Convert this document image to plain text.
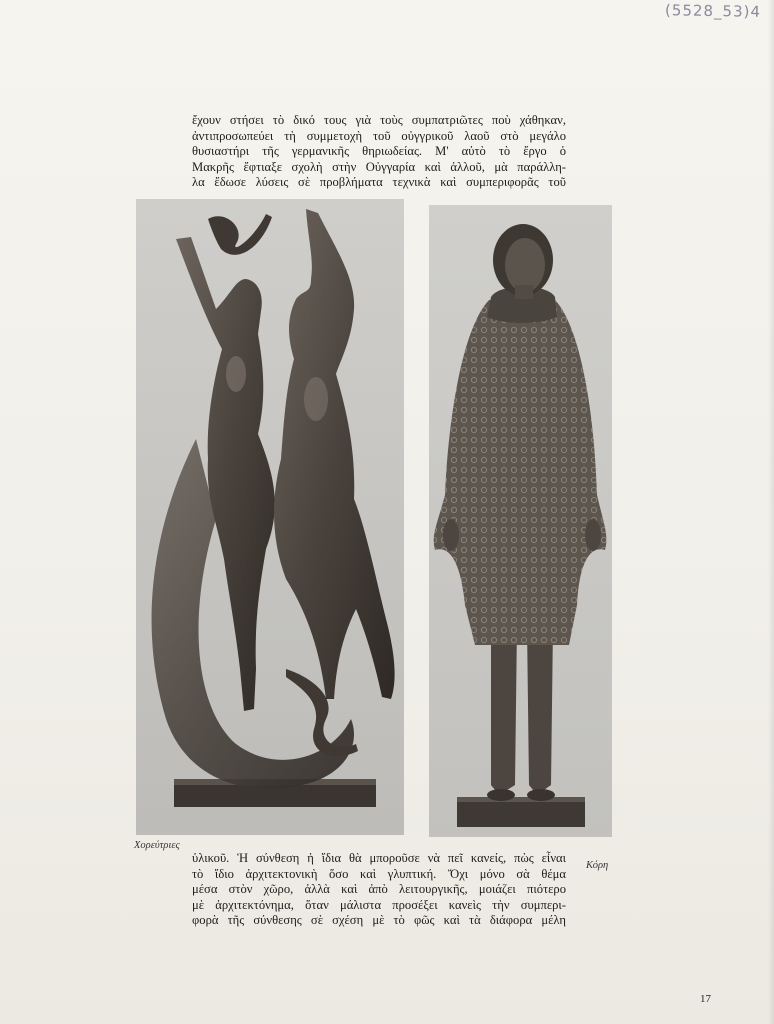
(5528_53)4
ἔχουν στήσει τὸ δικό τους γιὰ τοὺς συμπατριῶτες ποὺ χάθηκαν,
ἀντιπροσωπεύει τὴ συμμετοχὴ τοῦ οὐγγρικοῦ λαοῦ στὸ μεγάλο
θυσιαστήρι τῆς γερμανικῆς θηριωδείας. Μ' αὐτὸ τὸ ἔργο ὁ
Μακρῆς ἔφτιαξε σχολὴ στὴν Οὐγγαρία καὶ ἀλλοῦ, μὰ παράλλη-
λα ἔδωσε λύσεις σὲ προβλήματα τεχνικὰ καὶ συμπεριφορᾶς τοῦ
Χορεύτριες
Κόρη
ὑλικοῦ. Ἡ σύνθεση ἡ ἴδια θὰ μποροῦσε νὰ πεῖ κανείς, πὼς εἶναι
τὸ ἴδιο ἀρχιτεκτονικὴ ὅσο καὶ γλυπτική. Ὄχι μόνο σὰ θέμα
μέσα στὸν χῶρο, ἀλλὰ καὶ ἀπὸ λειτουργικῆς, μοιάζει πιότερο
μὲ ἀρχιτεκτόνημα, ὅταν μάλιστα προσέξει κανεὶς τὴν συμπερι-
φορὰ τῆς σύνθεσης σὲ σχέση μὲ τὸ φῶς καὶ τὰ διάφορα μέλη
17
